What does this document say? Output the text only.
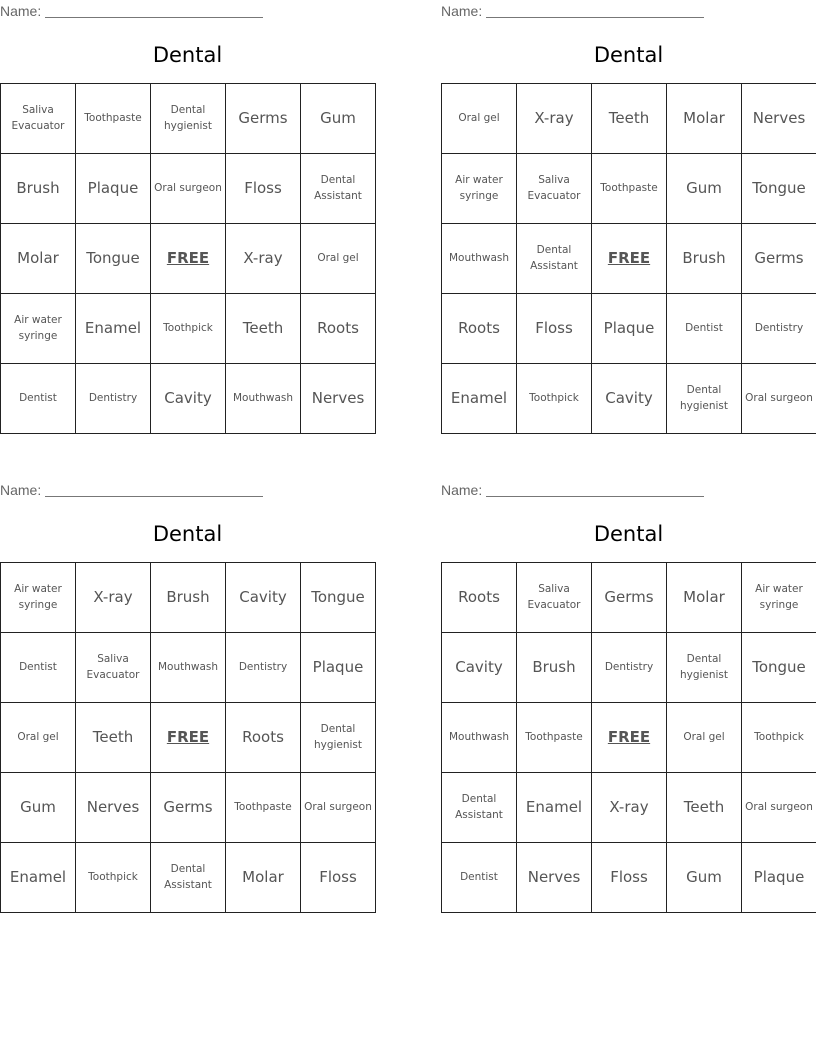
Name:
Dental
Saliva Evacuator	Toothpaste	Dental hygienist	Germs	Gum
Brush	Plaque	Oral surgeon	Floss	Dental Assistant
Molar	Tongue	FREE	X-ray	Oral gel
Air water syringe	Enamel	Toothpick	Teeth	Roots
Dentist	Dentistry	Cavity	Mouthwash	Nerves
Name:
Dental
Oral gel	X-ray	Teeth	Molar	Nerves
Air water syringe	Saliva Evacuator	Toothpaste	Gum	Tongue
Mouthwash	Dental Assistant	FREE	Brush	Germs
Roots	Floss	Plaque	Dentist	Dentistry
Enamel	Toothpick	Cavity	Dental hygienist	Oral surgeon
Name:
Dental
Air water syringe	X-ray	Brush	Cavity	Tongue
Dentist	Saliva Evacuator	Mouthwash	Dentistry	Plaque
Oral gel	Teeth	FREE	Roots	Dental hygienist
Gum	Nerves	Germs	Toothpaste	Oral surgeon
Enamel	Toothpick	Dental Assistant	Molar	Floss
Name:
Dental
Roots	Saliva Evacuator	Germs	Molar	Air water syringe
Cavity	Brush	Dentistry	Dental hygienist	Tongue
Mouthwash	Toothpaste	FREE	Oral gel	Toothpick
Dental Assistant	Enamel	X-ray	Teeth	Oral surgeon
Dentist	Nerves	Floss	Gum	Plaque
